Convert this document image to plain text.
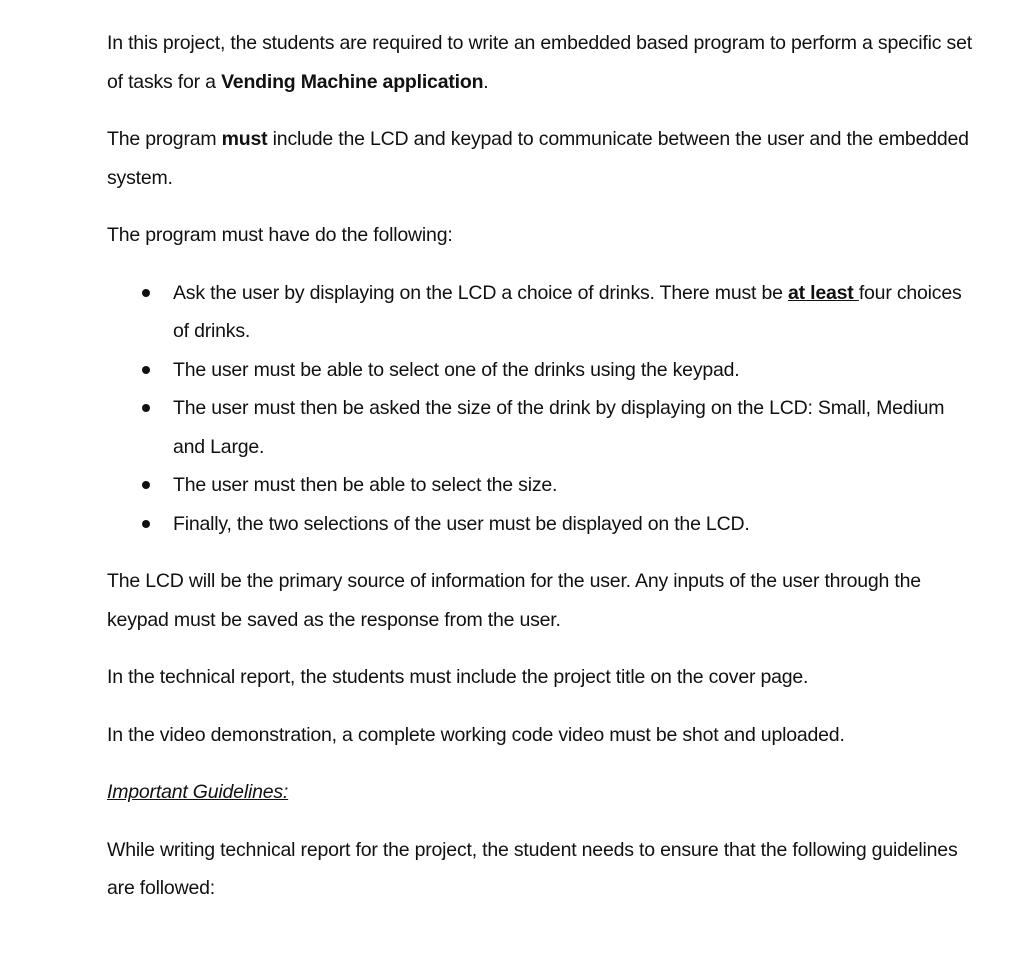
In this project, the students are required to write an embedded based program to perform a specific set of tasks for a Vending Machine application.

The program must include the LCD and keypad to communicate between the user and the embedded system.

The program must have do the following:

Ask the user by displaying on the LCD a choice of drinks. There must be at least four choices of drinks.
The user must be able to select one of the drinks using the keypad.
The user must then be asked the size of the drink by displaying on the LCD: Small, Medium and Large.
The user must then be able to select the size.
Finally, the two selections of the user must be displayed on the LCD.

The LCD will be the primary source of information for the user. Any inputs of the user through the keypad must be saved as the response from the user.

In the technical report, the students must include the project title on the cover page.

In the video demonstration, a complete working code video must be shot and uploaded.

Important Guidelines:

While writing technical report for the project, the student needs to ensure that the following guidelines are followed:
